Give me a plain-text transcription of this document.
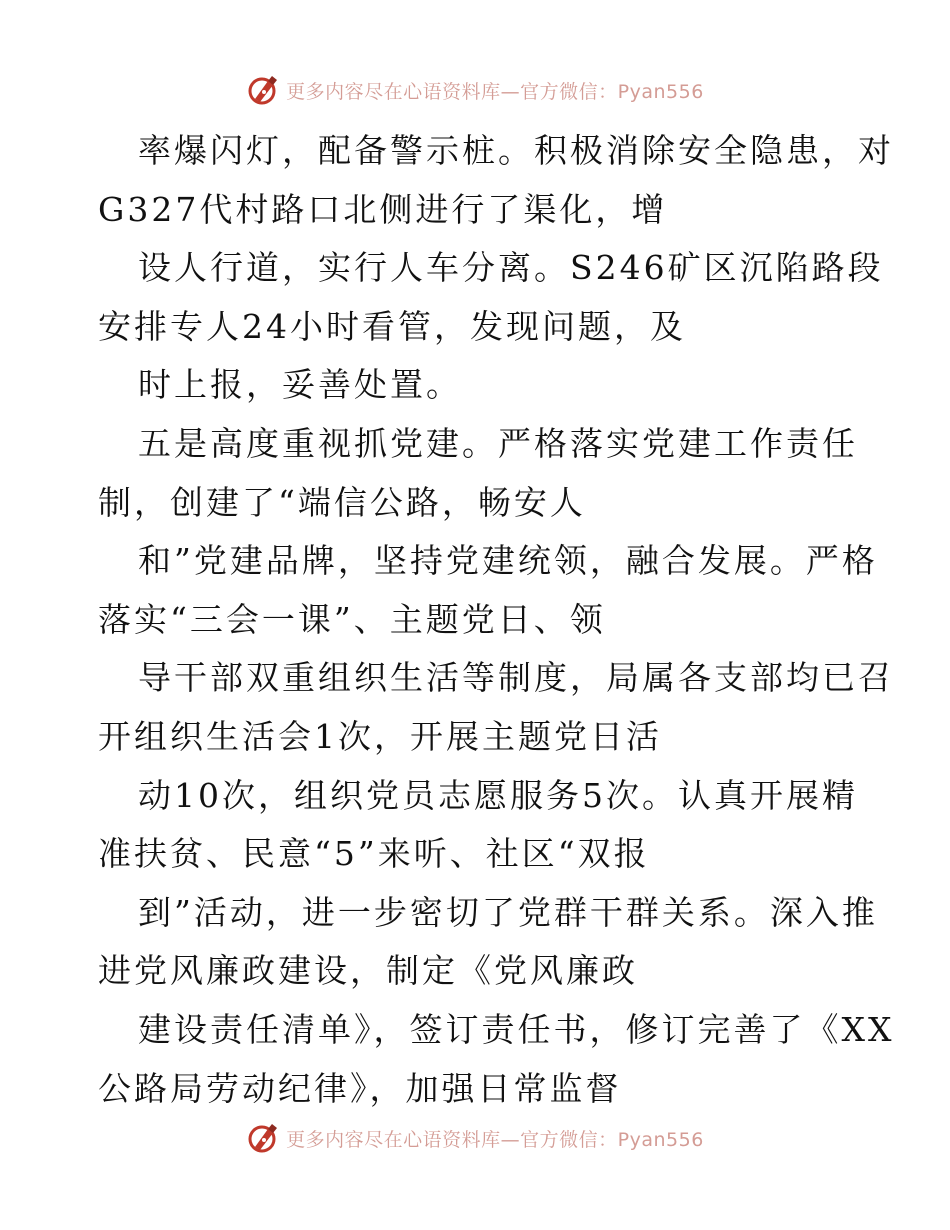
更多内容尽在心语资料库—官方微信：Pyan556
率爆闪灯，配备警示桩。积极消除安全隐患，对
G327代村路口北侧进行了渠化，增
设人行道，实行人车分离。S246矿区沉陷路段
安排专人24小时看管，发现问题，及
时上报，妥善处置。
五是高度重视抓党建。严格落实党建工作责任
制，创建了“端信公路，畅安人
和”党建品牌，坚持党建统领，融合发展。严格
落实“三会一课”、主题党日、领
导干部双重组织生活等制度，局属各支部均已召
开组织生活会1次，开展主题党日活
动10次，组织党员志愿服务5次。认真开展精
准扶贫、民意“5”来听、社区“双报
到”活动，进一步密切了党群干群关系。深入推
进党风廉政建设，制定《党风廉政
建设责任清单》，签订责任书，修订完善了《XX
公路局劳动纪律》，加强日常监督
更多内容尽在心语资料库—官方微信：Pyan556
